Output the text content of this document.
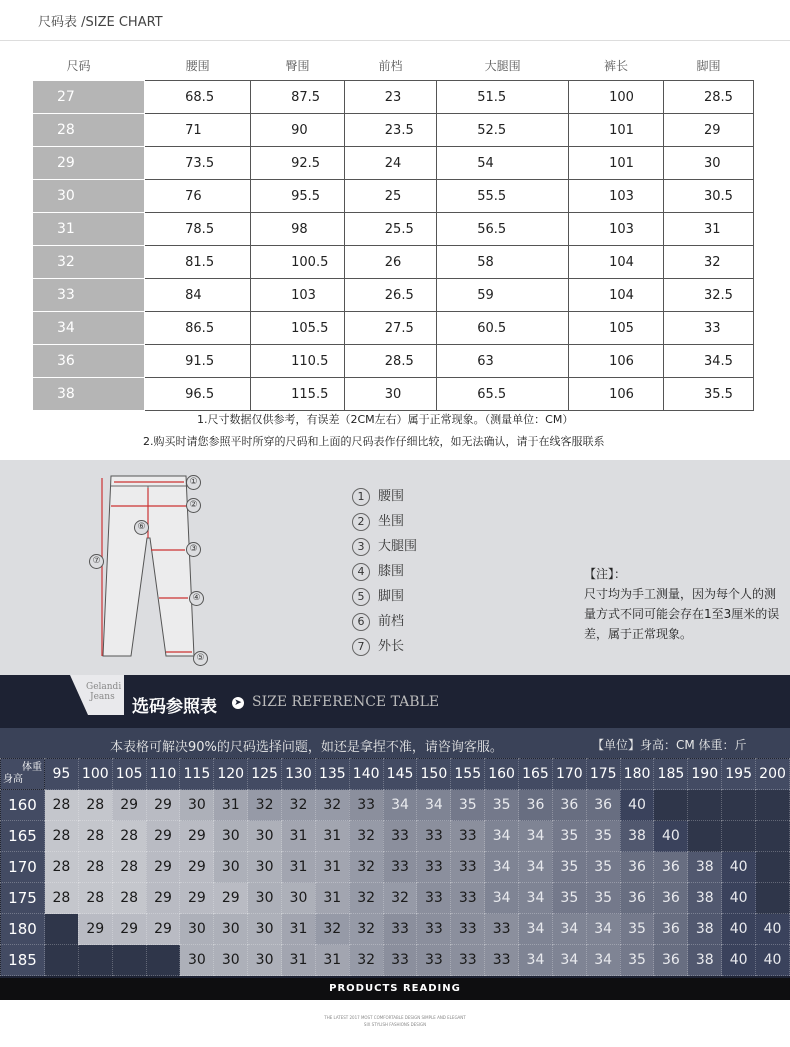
尺码表 /SIZE CHART
尺码	腰围	臀围	前档	大腿围	裤长	脚围
27	68.5	87.5	23	51.5	100	28.5
28	71	90	23.5	52.5	101	29
29	73.5	92.5	24	54	101	30
30	76	95.5	25	55.5	103	30.5
31	78.5	98	25.5	56.5	103	31
32	81.5	100.5	26	58	104	32
33	84	103	26.5	59	104	32.5
34	86.5	105.5	27.5	60.5	105	33
36	91.5	110.5	28.5	63	106	34.5
38	96.5	115.5	30	65.5	106	35.5
1.尺寸数据仅供参考，有误差（2CM左右）属于正常现象。（测量单位：CM）
2.购买时请您参照平时所穿的尺码和上面的尺码表作仔细比较，如无法确认，请于在线客服联系
①
②
③
④
⑤
⑥
⑦
1 腰围
2 坐围
3 大腿围
4 膝围
5 脚围
6 前档
7 外长
【注】：
尺寸均为手工测量，因为每个人的测量方式不同可能会存在1至3厘米的误差，属于正常现象。
Gelandi
Jeans	选码参照表 ➤ SIZE REFERENCE TABLE
本表格可解决90%的尺码选择问题，如还是拿捏不准，请咨询客服。	【单位】身高：CM 体重：斤
体重
身高	95	100	105	110	115	120	125	130	135	140	145	150	155	160	165	170	175	180	185	190	195	200
160	28	28	29	29	30	31	32	32	32	33	34	34	35	35	36	36	36	40				
165	28	28	28	29	29	30	30	31	31	32	33	33	33	34	34	35	35	38	40			
170	28	28	28	29	29	30	30	31	31	32	33	33	33	34	34	35	35	36	36	38	40	
175	28	28	28	29	29	29	30	30	31	32	32	33	33	34	34	35	35	36	36	38	40	
180		29	29	29	30	30	30	31	32	32	33	33	33	33	34	34	34	35	36	38	40	40
185					30	30	30	31	31	32	33	33	33	33	34	34	34	35	36	38	40	40
PRODUCTS READING
THE LATEST 2017 MOST COMFORTABLE DESIGN SIMPLE AND ELEGANT
SIX STYLISH FASHIONS DESIGN
